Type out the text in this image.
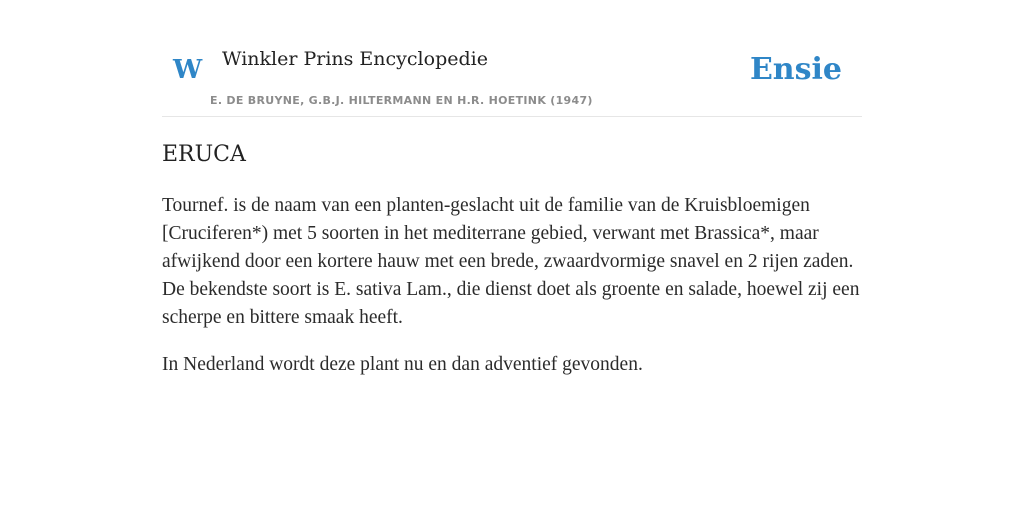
W Winkler Prins Encyclopedie
E. DE BRUYNE, G.B.J. HILTERMANN EN H.R. HOETINK (1947)
Ensie
ERUCA

Tournef. is de naam van een planten-geslacht uit de familie van de Kruisbloemigen [Cruciferen*) met 5 soorten in het mediterrane gebied, verwant met Brassica*, maar afwijkend door een kortere hauw met een brede, zwaardvormige snavel en 2 rijen zaden. De bekendste soort is E. sativa Lam., die dienst doet als groente en salade, hoewel zij een scherpe en bittere smaak heeft.

In Nederland wordt deze plant nu en dan adventief gevonden.
